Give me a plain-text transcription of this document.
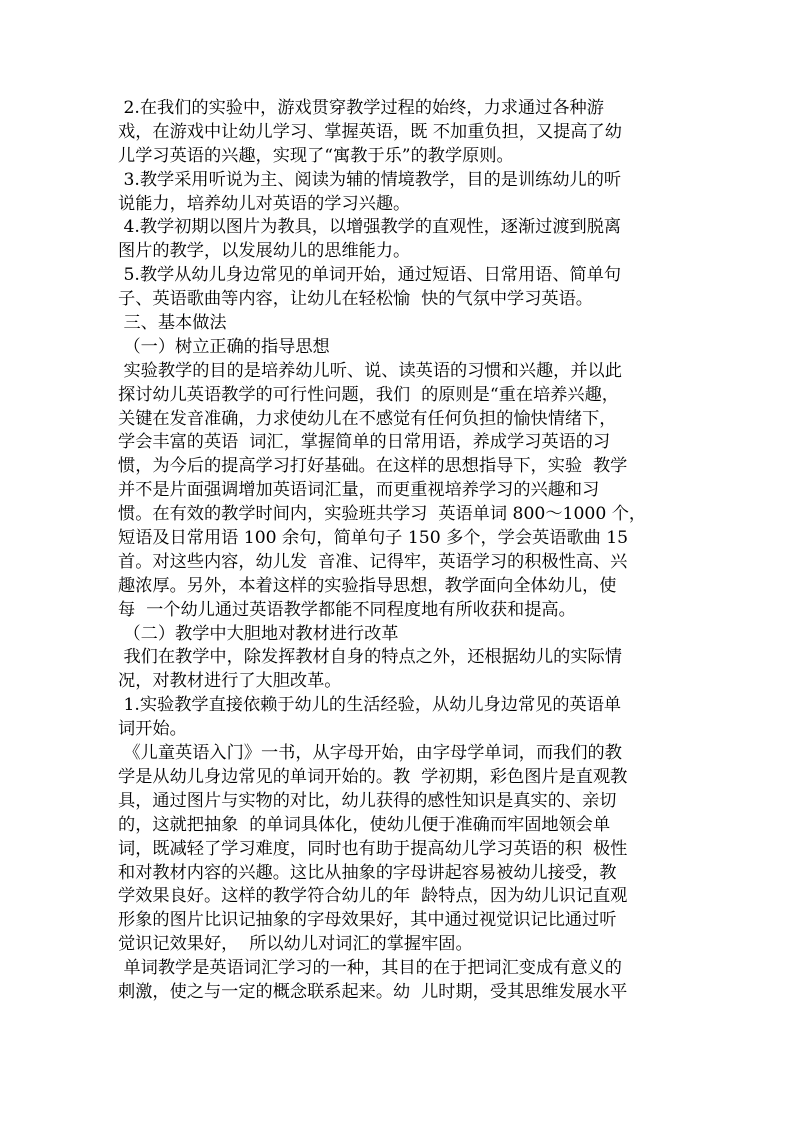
2.在我们的实验中，游戏贯穿教学过程的始终，力求通过各种游
戏，在游戏中让幼儿学习、掌握英语，既 不加重负担，又提高了幼
儿学习英语的兴趣，实现了“寓教于乐”的教学原则。
3.教学采用听说为主、阅读为辅的情境教学，目的是训练幼儿的听
说能力，培养幼儿对英语的学习兴趣。
4.教学初期以图片为教具，以增强教学的直观性，逐渐过渡到脱离
图片的教学，以发展幼儿的思维能力。
5.教学从幼儿身边常见的单词开始，通过短语、日常用语、简单句
子、英语歌曲等内容，让幼儿在轻松愉  快的气氛中学习英语。
三、基本做法
（一）树立正确的指导思想
实验教学的目的是培养幼儿听、说、读英语的习惯和兴趣，并以此
探讨幼儿英语教学的可行性问题，我们  的原则是“重在培养兴趣，
关键在发音准确，力求使幼儿在不感觉有任何负担的愉快情绪下，
学会丰富的英语  词汇，掌握简单的日常用语，养成学习英语的习
惯，为今后的提高学习打好基础。在这样的思想指导下，实验  教学
并不是片面强调增加英语词汇量，而更重视培养学习的兴趣和习
惯。在有效的教学时间内，实验班共学习  英语单词 800～1000 个，
短语及日常用语 100 余句，简单句子 150 多个，学会英语歌曲 15
首。对这些内容，幼儿发  音准、记得牢，英语学习的积极性高、兴
趣浓厚。另外，本着这样的实验指导思想，教学面向全体幼儿，使
每  一个幼儿通过英语教学都能不同程度地有所收获和提高。
（二）教学中大胆地对教材进行改革
我们在教学中，除发挥教材自身的特点之外，还根据幼儿的实际情
况，对教材进行了大胆改革。
1.实验教学直接依赖于幼儿的生活经验，从幼儿身边常见的英语单
词开始。
《儿童英语入门》一书，从字母开始，由字母学单词，而我们的教
学是从幼儿身边常见的单词开始的。教  学初期，彩色图片是直观教
具，通过图片与实物的对比，幼儿获得的感性知识是真实的、亲切
的，这就把抽象  的单词具体化，使幼儿便于准确而牢固地领会单
词，既减轻了学习难度，同时也有助于提高幼儿学习英语的积  极性
和对教材内容的兴趣。这比从抽象的字母讲起容易被幼儿接受，教
学效果良好。这样的教学符合幼儿的年  龄特点，因为幼儿识记直观
形象的图片比识记抽象的字母效果好，其中通过视觉识记比通过听
觉识记效果好，  所以幼儿对词汇的掌握牢固。
单词教学是英语词汇学习的一种，其目的在于把词汇变成有意义的
刺激，使之与一定的概念联系起来。幼  儿时期，受其思维发展水平
